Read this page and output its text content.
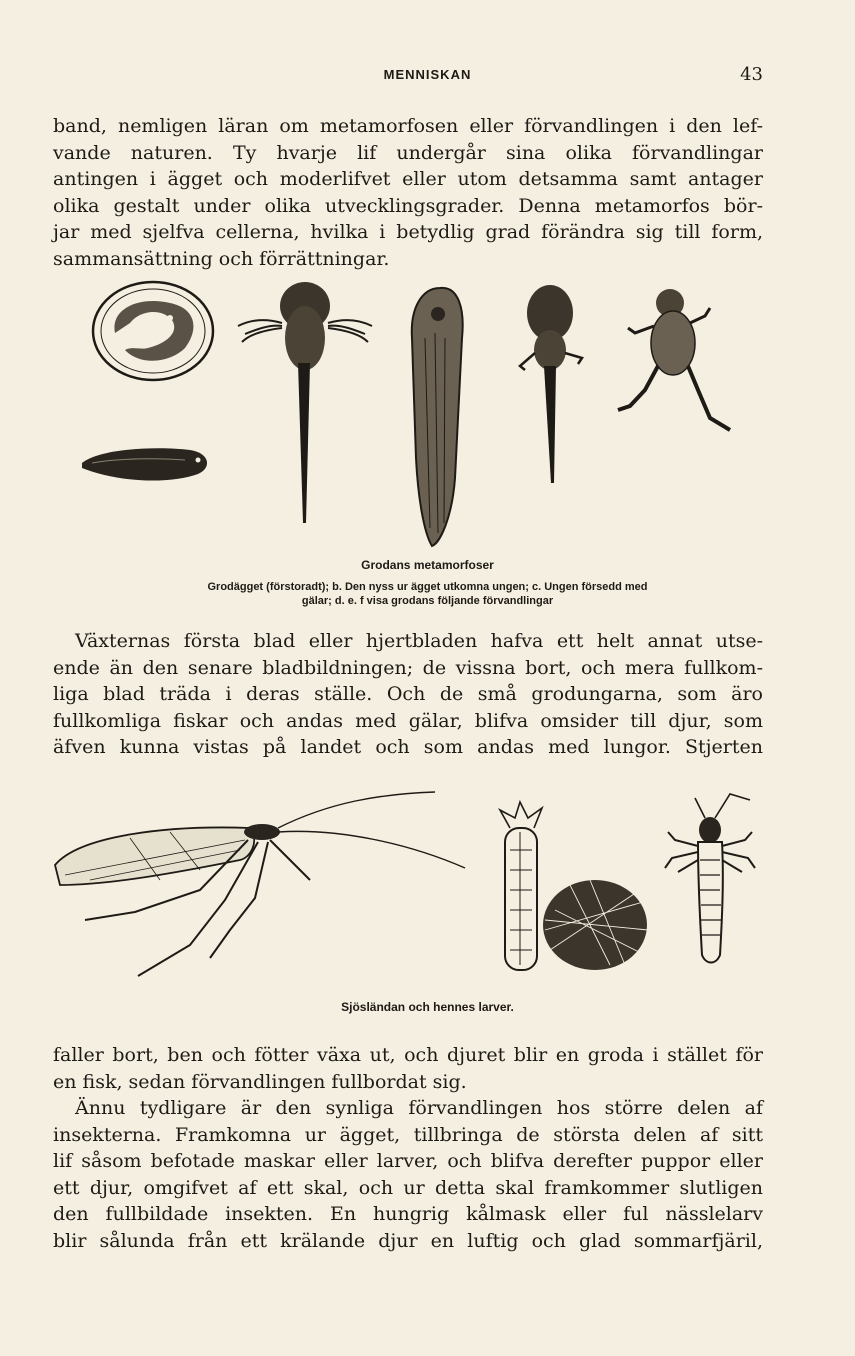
MENNISKAN	43

band, nemligen läran om metamorfosen eller förvandlingen i den lef-
vande naturen. Ty hvarje lif undergår sina olika förvandlingar
antingen i ägget och moderlifvet eller utom detsamma samt antager
olika gestalt under olika utvecklingsgrader. Denna metamorfos bör-
jar med sjelfva cellerna, hvilka i betydlig grad förändra sig till form,
sammansättning och förrättningar.

Grodans metamorfoser
Grodägget (förstoradt); b. Den nyss ur ägget utkomna ungen; c. Ungen försedd med
gälar; d. e. f visa grodans följande förvandlingar

Växternas första blad eller hjertbladen hafva ett helt annat utse-
ende än den senare bladbildningen; de vissna bort, och mera fullkom-
liga blad träda i deras ställe. Och de små grodungarna, som äro
fullkomliga fiskar och andas med gälar, blifva omsider till djur, som
äfven kunna vistas på landet och som andas med lungor. Stjerten

Sjösländan och hennes larver.

faller bort, ben och fötter växa ut, och djuret blir en groda i stället för
en fisk, sedan förvandlingen fullbordat sig.

Ännu tydligare är den synliga förvandlingen hos större delen af
insekterna. Framkomna ur ägget, tillbringa de största delen af sitt
lif såsom befotade maskar eller larver, och blifva derefter puppor eller
ett djur, omgifvet af ett skal, och ur detta skal framkommer slutligen
den fullbildade insekten. En hungrig kålmask eller ful nässlelarv
blir sålunda från ett krälande djur en luftig och glad sommarfjäril,
